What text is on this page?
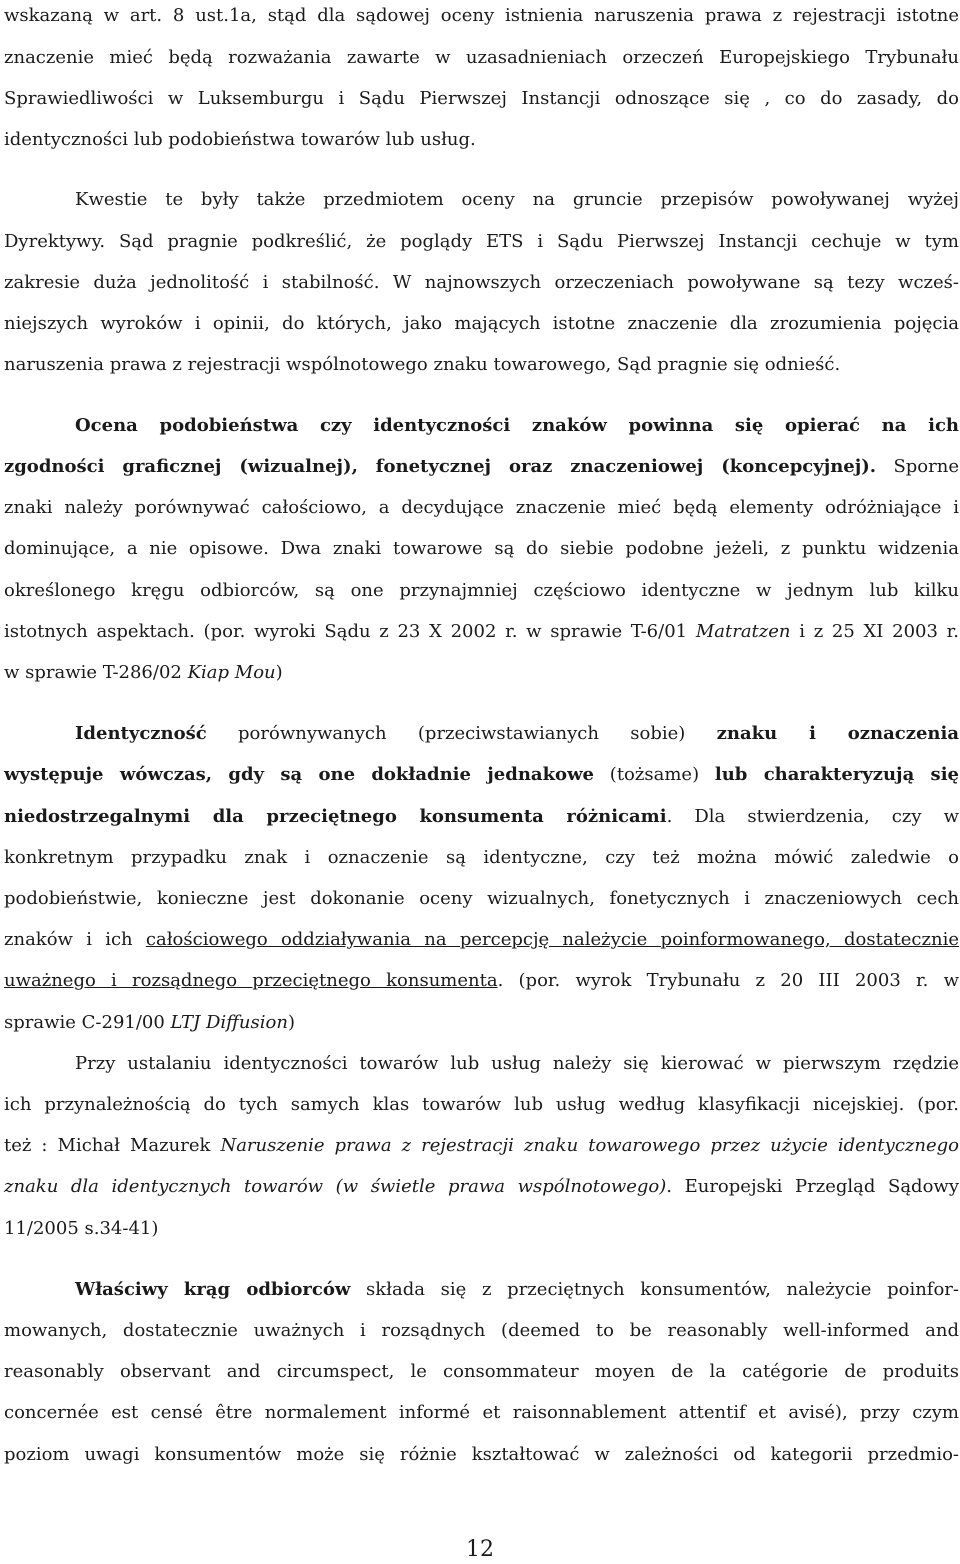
wskazaną w art. 8 ust.1a, stąd dla sądowej oceny istnienia naruszenia prawa z rejestracji istotne
znaczenie mieć będą rozważania zawarte w uzasadnieniach orzeczeń Europejskiego Trybunału
Sprawiedliwości w Luksemburgu i Sądu Pierwszej Instancji odnoszące się , co do zasady, do
identyczności lub podobieństwa towarów lub usług.
Kwestie te były także przedmiotem oceny na gruncie przepisów powoływanej wyżej
Dyrektywy. Sąd pragnie podkreślić, że poglądy ETS i Sądu Pierwszej Instancji cechuje w tym
zakresie duża jednolitość i stabilność. W najnowszych orzeczeniach powoływane są tezy wcześ-
niejszych wyroków i opinii, do których, jako mających istotne znaczenie dla zrozumienia pojęcia
naruszenia prawa z rejestracji wspólnotowego znaku towarowego, Sąd pragnie się odnieść.
Ocena podobieństwa czy identyczności znaków powinna się opierać na ich
zgodności graficznej (wizualnej), fonetycznej oraz znaczeniowej (koncepcyjnej). Sporne
znaki należy porównywać całościowo, a decydujące znaczenie mieć będą elementy odróżniające i
dominujące, a nie opisowe. Dwa znaki towarowe są do siebie podobne jeżeli, z punktu widzenia
określonego kręgu odbiorców, są one przynajmniej częściowo identyczne w jednym lub kilku
istotnych aspektach. (por. wyroki Sądu z 23 X 2002 r. w sprawie T-6/01 Matratzen i z 25 XI 2003 r.
w sprawie T-286/02 Kiap Mou)
Identyczność porównywanych (przeciwstawianych sobie) znaku i oznaczenia
występuje wówczas, gdy są one dokładnie jednakowe (tożsame) lub charakteryzują się
niedostrzegalnymi dla przeciętnego konsumenta różnicami. Dla stwierdzenia, czy w
konkretnym przypadku znak i oznaczenie są identyczne, czy też można mówić zaledwie o
podobieństwie, konieczne jest dokonanie oceny wizualnych, fonetycznych i znaczeniowych cech
znaków i ich całościowego oddziaływania na percepcję należycie poinformowanego, dostatecznie
uważnego i rozsądnego przeciętnego konsumenta. (por. wyrok Trybunału z 20 III 2003 r. w
sprawie C-291/00 LTJ Diffusion)
Przy ustalaniu identyczności towarów lub usług należy się kierować w pierwszym rzędzie
ich przynależnością do tych samych klas towarów lub usług według klasyfikacji nicejskiej. (por.
też : Michał Mazurek Naruszenie prawa z rejestracji znaku towarowego przez użycie identycznego
znaku dla identycznych towarów (w świetle prawa wspólnotowego). Europejski Przegląd Sądowy
11/2005 s.34-41)
Właściwy krąg odbiorców składa się z przeciętnych konsumentów, należycie poinfor-
mowanych, dostatecznie uważnych i rozsądnych (deemed to be reasonably well-informed and
reasonably observant and circumspect, le consommateur moyen de la catégorie de produits
concernée est censé être normalement informé et raisonnablement attentif et avisé), przy czym
poziom uwagi konsumentów może się różnie kształtować w zależności od kategorii przedmio-
12
